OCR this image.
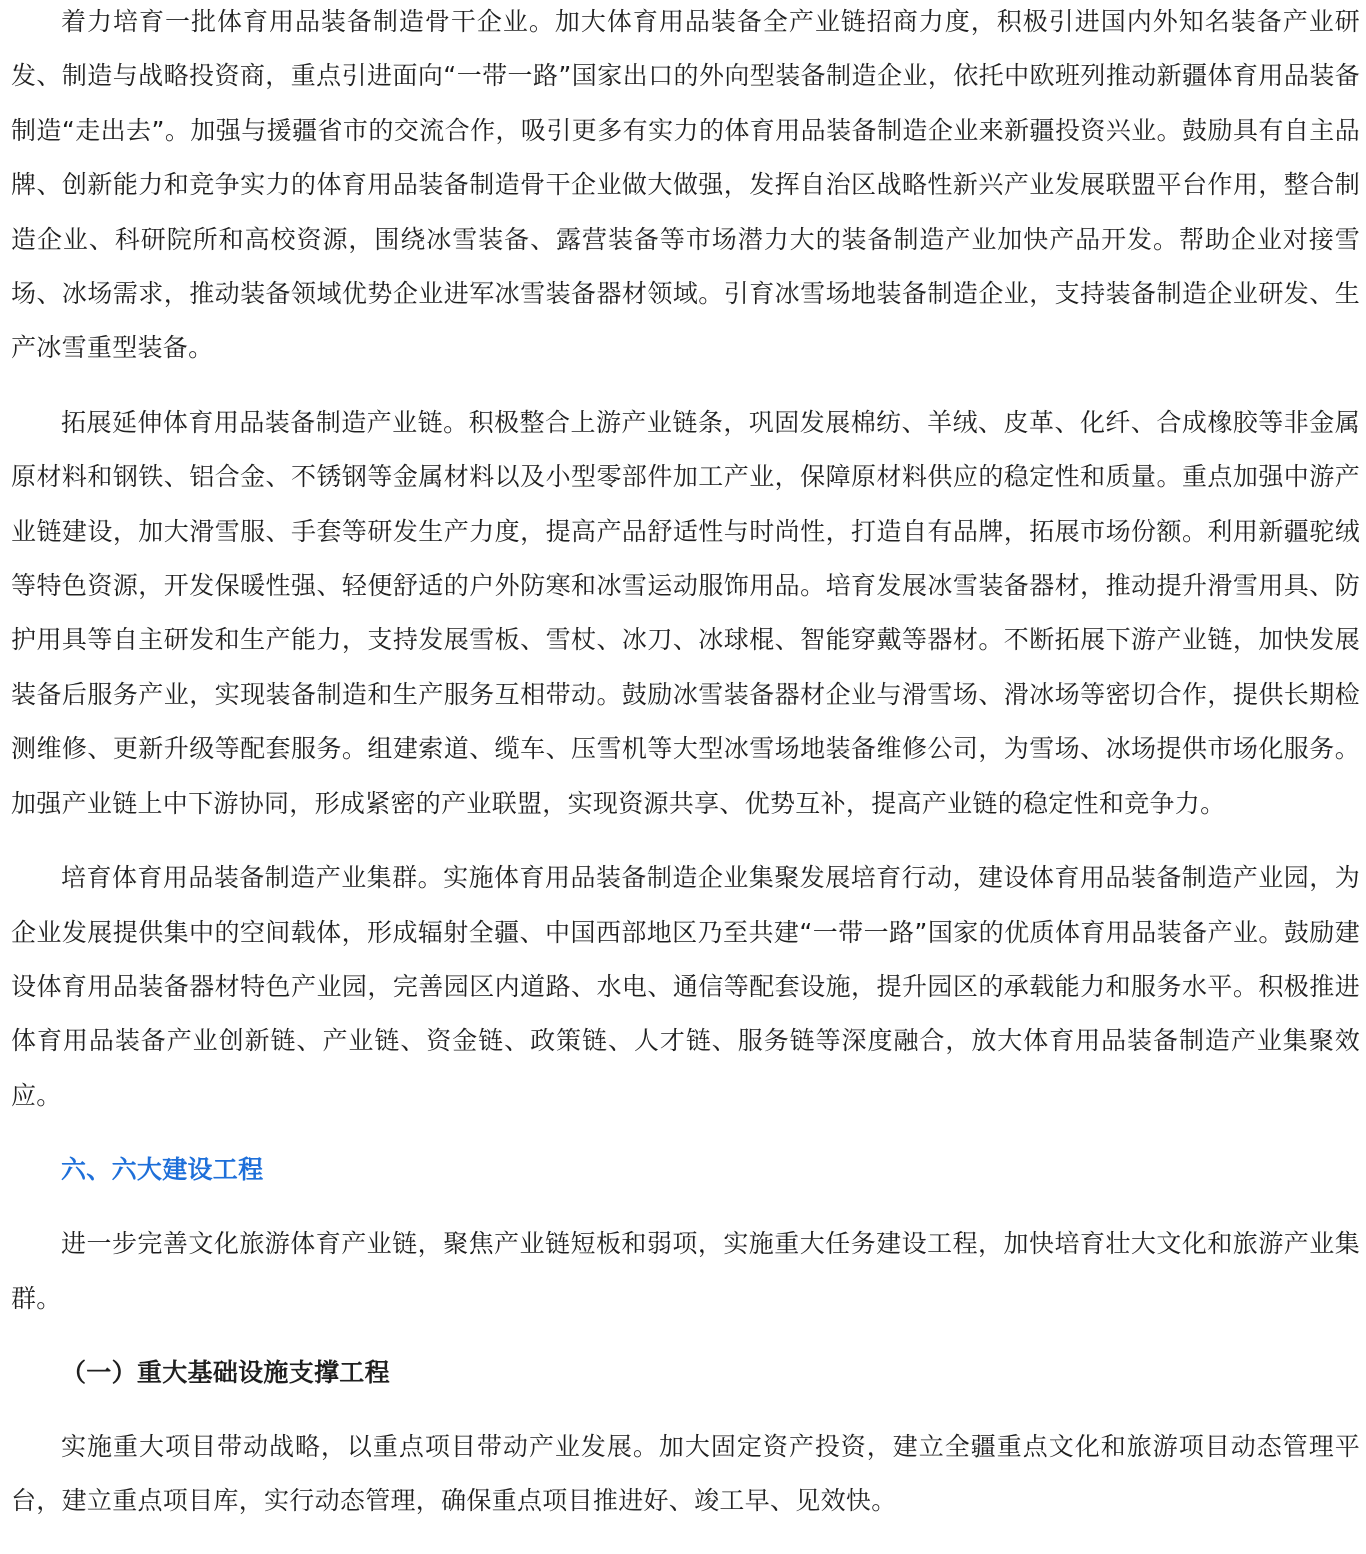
着力培育一批体育用品装备制造骨干企业。加大体育用品装备全产业链招商力度，积极引进国内外知名装备产业研发、制造与战略投资商，重点引进面向“一带一路”国家出口的外向型装备制造企业，依托中欧班列推动新疆体育用品装备制造“走出去”。加强与援疆省市的交流合作，吸引更多有实力的体育用品装备制造企业来新疆投资兴业。鼓励具有自主品牌、创新能力和竞争实力的体育用品装备制造骨干企业做大做强，发挥自治区战略性新兴产业发展联盟平台作用，整合制造企业、科研院所和高校资源，围绕冰雪装备、露营装备等市场潜力大的装备制造产业加快产品开发。帮助企业对接雪场、冰场需求，推动装备领域优势企业进军冰雪装备器材领域。引育冰雪场地装备制造企业，支持装备制造企业研发、生产冰雪重型装备。

拓展延伸体育用品装备制造产业链。积极整合上游产业链条，巩固发展棉纺、羊绒、皮革、化纤、合成橡胶等非金属原材料和钢铁、铝合金、不锈钢等金属材料以及小型零部件加工产业，保障原材料供应的稳定性和质量。重点加强中游产业链建设，加大滑雪服、手套等研发生产力度，提高产品舒适性与时尚性，打造自有品牌，拓展市场份额。利用新疆驼绒等特色资源，开发保暖性强、轻便舒适的户外防寒和冰雪运动服饰用品。培育发展冰雪装备器材，推动提升滑雪用具、防护用具等自主研发和生产能力，支持发展雪板、雪杖、冰刀、冰球棍、智能穿戴等器材。不断拓展下游产业链，加快发展装备后服务产业，实现装备制造和生产服务互相带动。鼓励冰雪装备器材企业与滑雪场、滑冰场等密切合作，提供长期检测维修、更新升级等配套服务。组建索道、缆车、压雪机等大型冰雪场地装备维修公司，为雪场、冰场提供市场化服务。加强产业链上中下游协同，形成紧密的产业联盟，实现资源共享、优势互补，提高产业链的稳定性和竞争力。

培育体育用品装备制造产业集群。实施体育用品装备制造企业集聚发展培育行动，建设体育用品装备制造产业园，为企业发展提供集中的空间载体，形成辐射全疆、中国西部地区乃至共建“一带一路”国家的优质体育用品装备产业。鼓励建设体育用品装备器材特色产业园，完善园区内道路、水电、通信等配套设施，提升园区的承载能力和服务水平。积极推进体育用品装备产业创新链、产业链、资金链、政策链、人才链、服务链等深度融合，放大体育用品装备制造产业集聚效应。

六、六大建设工程

进一步完善文化旅游体育产业链，聚焦产业链短板和弱项，实施重大任务建设工程，加快培育壮大文化和旅游产业集群。

（一）重大基础设施支撑工程

实施重大项目带动战略，以重点项目带动产业发展。加大固定资产投资，建立全疆重点文化和旅游项目动态管理平台，建立重点项目库，实行动态管理，确保重点项目推进好、竣工早、见效快。
